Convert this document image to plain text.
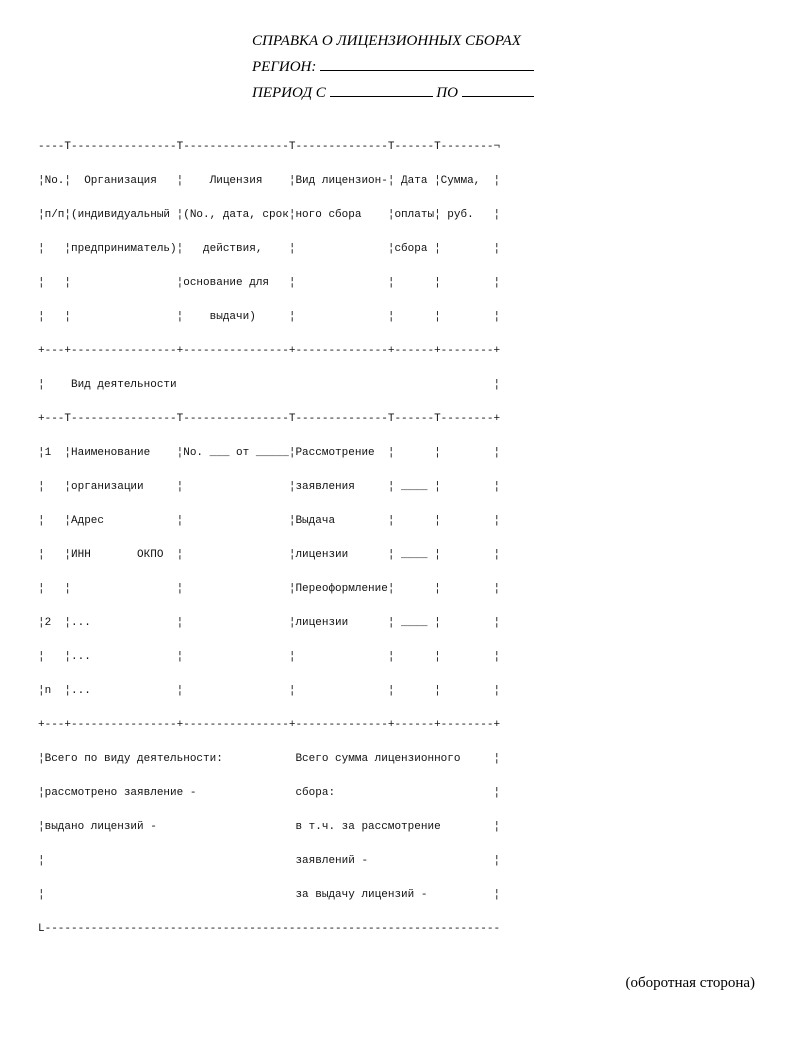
СПРАВКА О ЛИЦЕНЗИОННЫХ СБОРАХ
РЕГИОН:
ПЕРИОД С	ПО
----T----------------T----------------T--------------T------T--------¬
¦No.¦  Организация   ¦    Лицензия    ¦Вид лицензион-¦ Дата ¦Сумма,  ¦
¦п/п¦(индивидуальный ¦(No., дата, срок¦ного сбора    ¦оплаты¦ руб.   ¦
¦   ¦предприниматель)¦   действия,    ¦              ¦сбора ¦        ¦
¦   ¦                ¦основание для   ¦              ¦      ¦        ¦
¦   ¦                ¦    выдачи)     ¦              ¦      ¦        ¦
+---+----------------+----------------+--------------+------+--------+
¦    Вид деятельности                                                ¦
+---T----------------T----------------T--------------T------T--------+
¦1  ¦Наименование    ¦No. ___ от _____¦Рассмотрение  ¦      ¦        ¦
¦   ¦организации     ¦                ¦заявления     ¦ ____ ¦        ¦
¦   ¦Адрес           ¦                ¦Выдача        ¦      ¦        ¦
¦   ¦ИНН       ОКПО  ¦                ¦лицензии      ¦ ____ ¦        ¦
¦   ¦                ¦                ¦Переоформление¦      ¦        ¦
¦2  ¦...             ¦                ¦лицензии      ¦ ____ ¦        ¦
¦   ¦...             ¦                ¦              ¦      ¦        ¦
¦n  ¦...             ¦                ¦              ¦      ¦        ¦
+---+----------------+----------------+--------------+------+--------+
¦Всего по виду деятельности:           Всего сумма лицензионного     ¦
¦рассмотрено заявление -               сбора:                        ¦
¦выдано лицензий -                     в т.ч. за рассмотрение        ¦
¦                                      заявлений -                   ¦
¦                                      за выдачу лицензий -          ¦
L---------------------------------------------------------------------
(оборотная сторона)
